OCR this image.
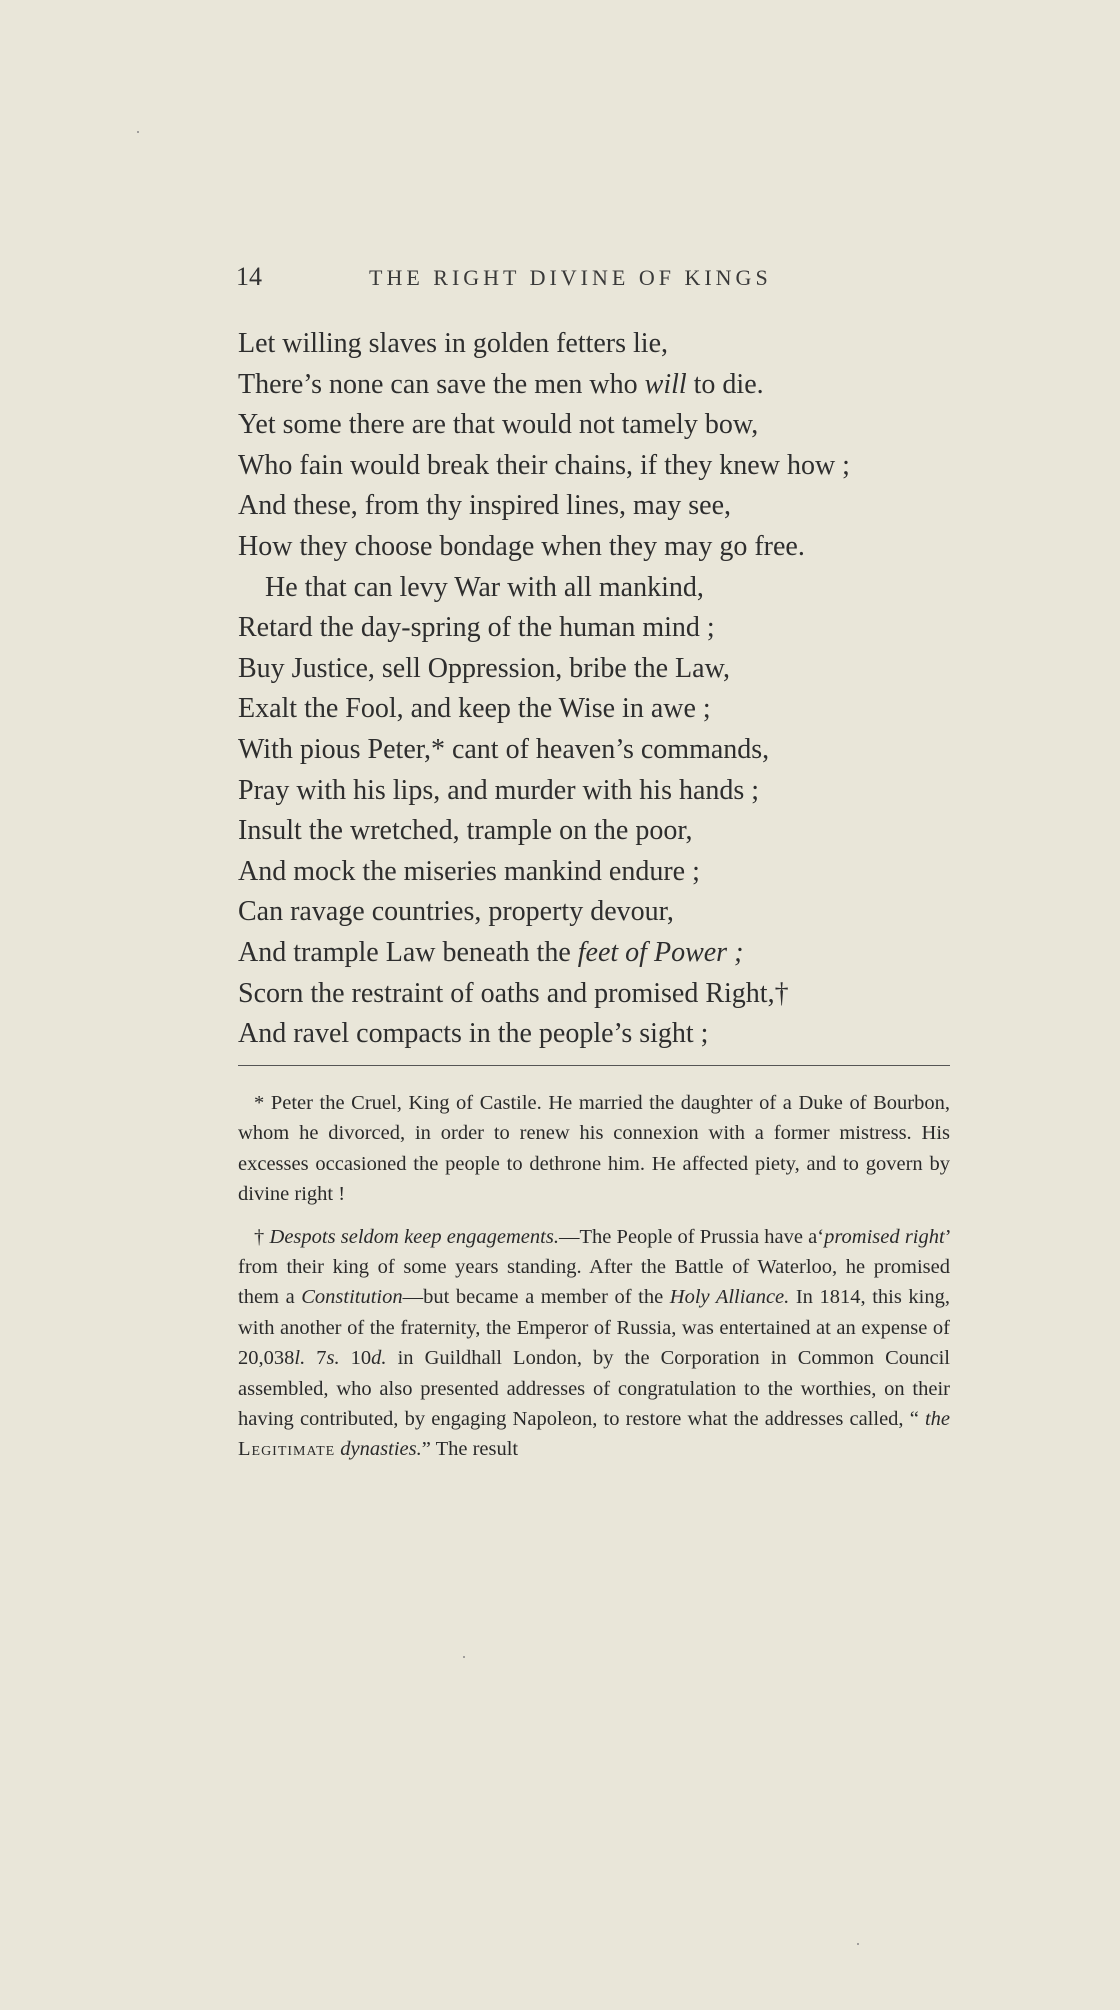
14	THE RIGHT DIVINE OF KINGS
Let willing slaves in golden fetters lie,
There’s none can save the men who will to die.
Yet some there are that would not tamely bow,
Who fain would break their chains, if they knew how ;
And these, from thy inspired lines, may see,
How they choose bondage when they may go free.
He that can levy War with all mankind,
Retard the day-spring of the human mind ;
Buy Justice, sell Oppression, bribe the Law,
Exalt the Fool, and keep the Wise in awe ;
With pious Peter,* cant of heaven’s commands,
Pray with his lips, and murder with his hands ;
Insult the wretched, trample on the poor,
And mock the miseries mankind endure ;
Can ravage countries, property devour,
And trample Law beneath the feet of Power ;
Scorn the restraint of oaths and promised Right,†
And ravel compacts in the people’s sight ;

* Peter the Cruel, King of Castile. He married the daughter of a Duke of Bourbon, whom he divorced, in order to renew his connexion with a former mistress. His excesses occasioned the people to dethrone him. He affected piety, and to govern by divine right !

† Despots seldom keep engagements.—The People of Prussia have a‘promised right’ from their king of some years standing. After the Battle of Waterloo, he promised them a Constitution—but became a member of the Holy Alliance. In 1814, this king, with another of the fraternity, the Emperor of Russia, was entertained at an expense of 20,038l. 7s. 10d. in Guildhall London, by the Corporation in Common Council assembled, who also presented addresses of congratulation to the worthies, on their having contributed, by engaging Napoleon, to restore what the addresses called, “ the Legitimate dynasties.” The result
